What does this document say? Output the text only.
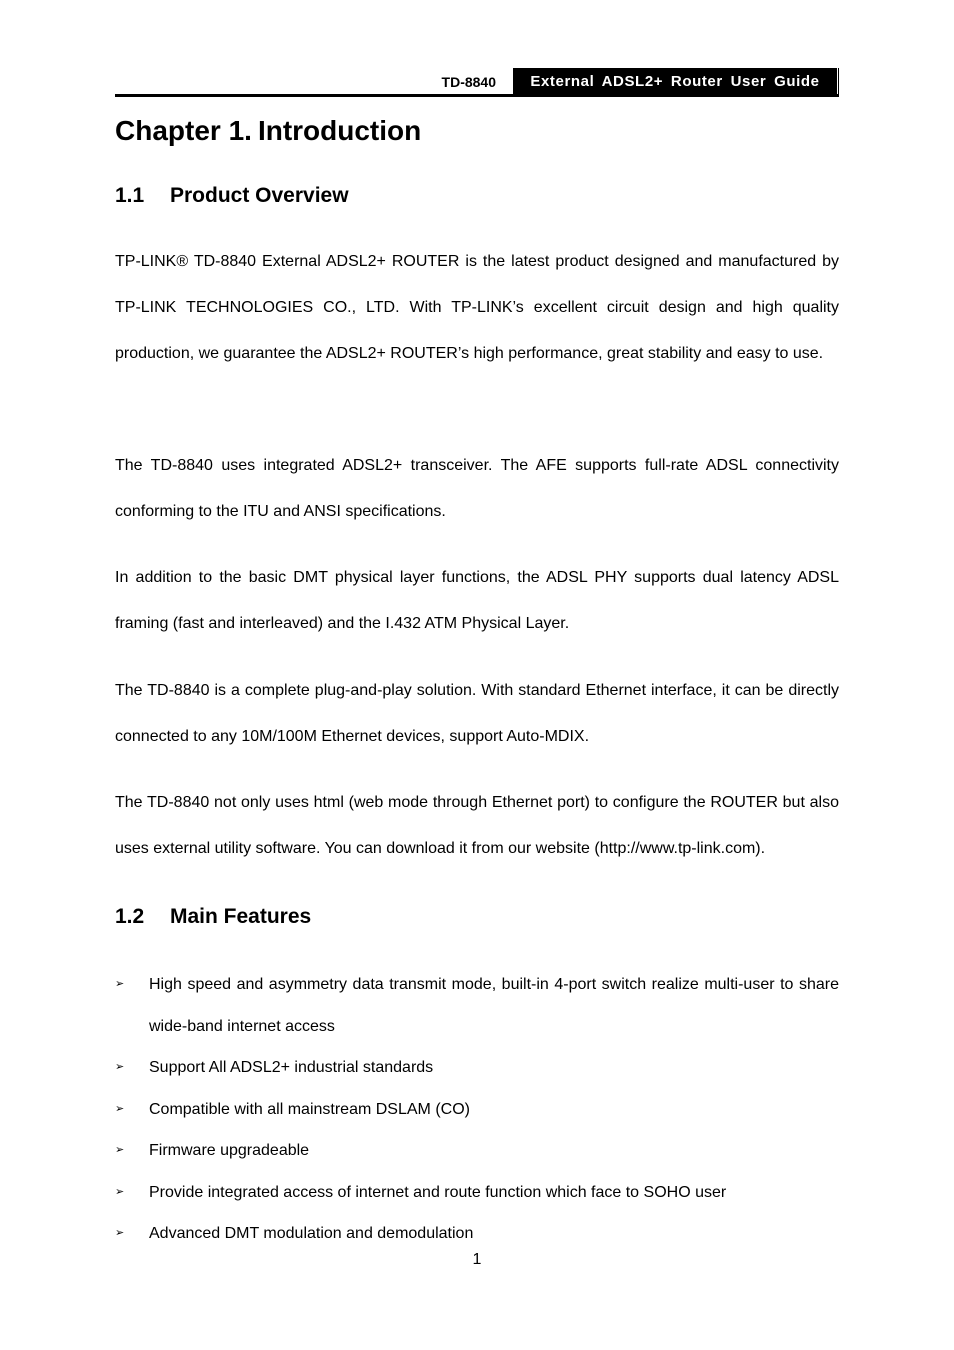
TD-8840	External ADSL2+ Router User Guide
Chapter 1. Introduction
1.1 Product Overview

TP-LINK® TD-8840 External ADSL2+ ROUTER is the latest product designed and manufactured by TP-LINK TECHNOLOGIES CO., LTD. With TP-LINK’s excellent circuit design and high quality production, we guarantee the ADSL2+ ROUTER’s high performance, great stability and easy to use.

The TD-8840 uses integrated ADSL2+ transceiver. The AFE supports full-rate ADSL connectivity conforming to the ITU and ANSI specifications.

In addition to the basic DMT physical layer functions, the ADSL PHY supports dual latency ADSL framing (fast and interleaved) and the I.432 ATM Physical Layer.

The TD-8840 is a complete plug-and-play solution. With standard Ethernet interface, it can be directly connected to any 10M/100M Ethernet devices, support Auto-MDIX.

The TD-8840 not only uses html (web mode through Ethernet port) to configure the ROUTER but also uses external utility software. You can download it from our website (http://www.tp-link.com).

1.2 Main Features
➢ High speed and asymmetry data transmit mode, built-in 4-port switch realize multi-user to share wide-band internet access
➢ Support All ADSL2+ industrial standards
➢ Compatible with all mainstream DSLAM (CO)
➢ Firmware upgradeable
➢ Provide integrated access of internet and route function which face to SOHO user
➢ Advanced DMT modulation and demodulation
1
